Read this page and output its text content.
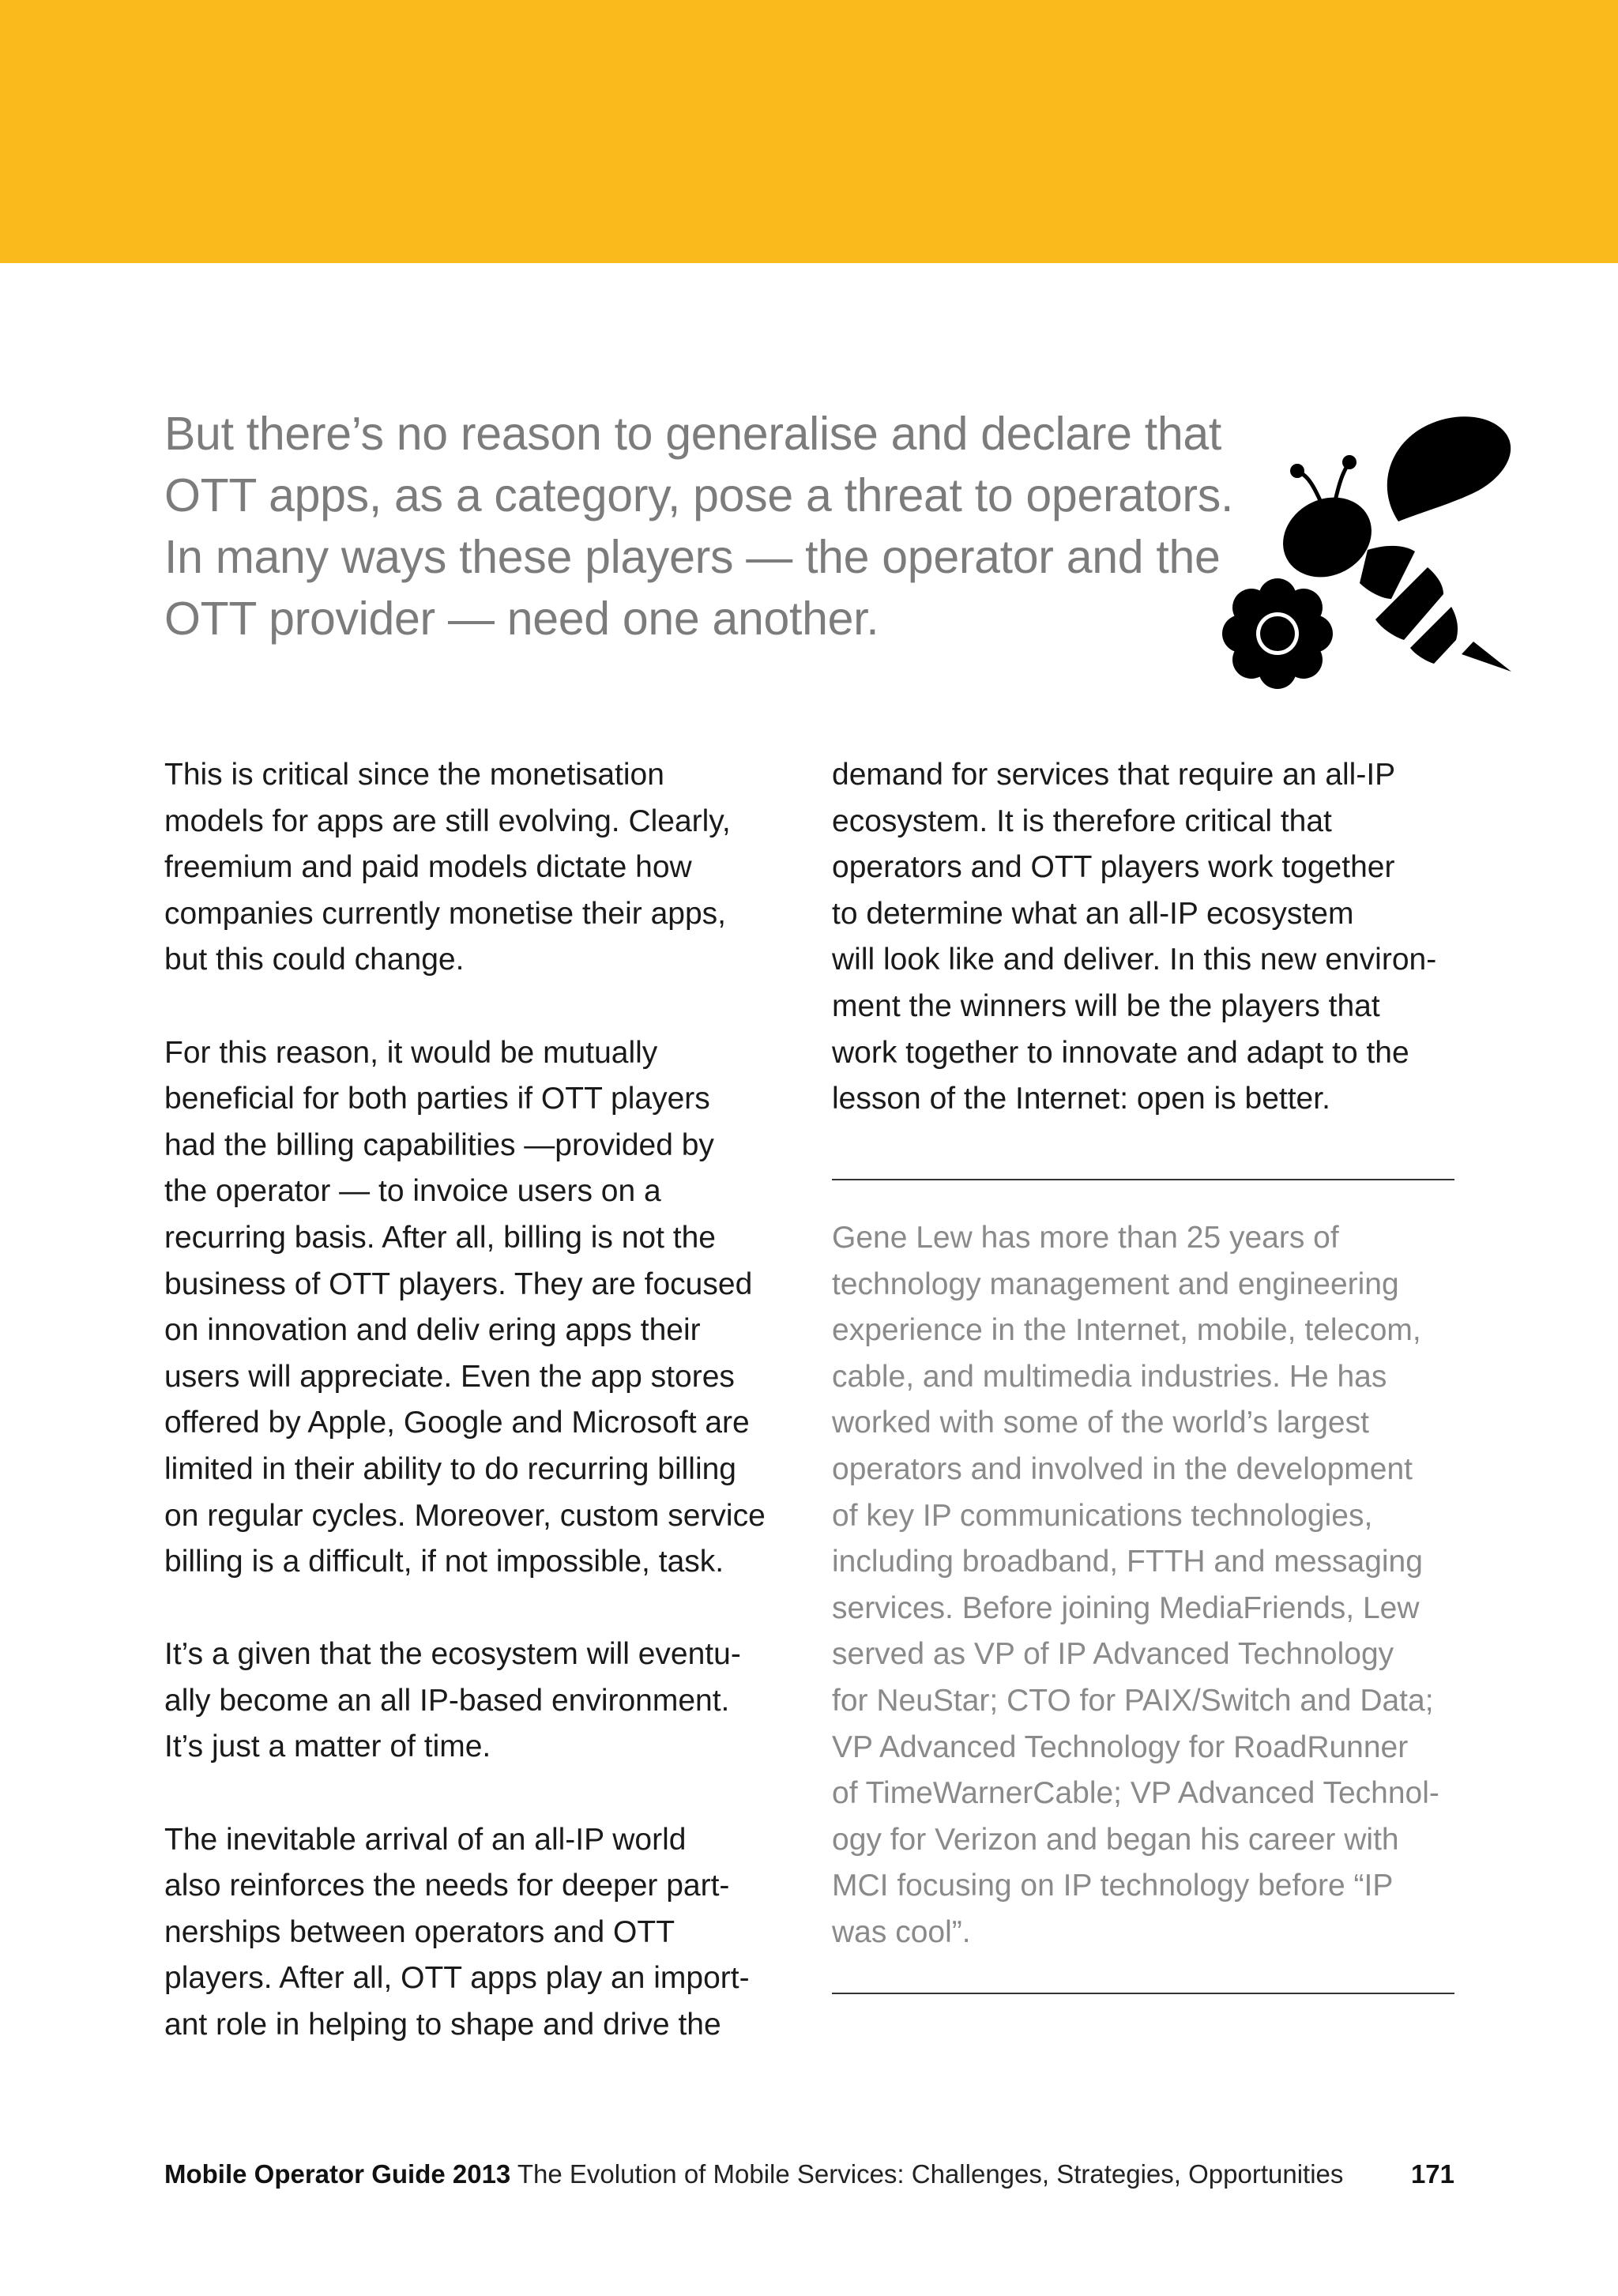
But there’s no reason to generalise and declare that
OTT apps, as a category, pose a threat to operators.
In many ways these players — the operator and the
OTT provider — need one another.
This is critical since the monetisation
models for apps are still evolving. Clearly,
freemium and paid models dictate how
companies currently monetise their apps,
but this could change.
For this reason, it would be mutually
beneficial for both parties if OTT players
had the billing capabilities —provided by
the operator — to invoice users on a
recurring basis. After all, billing is not the
business of OTT players. They are focused
on innovation and deliv ering apps their
users will appreciate. Even the app stores
offered by Apple, Google and Microsoft are
limited in their ability to do recurring billing
on regular cycles. Moreover, custom service
billing is a difficult, if not impossible, task.
It’s a given that the ecosystem will eventu-
ally become an all IP-based environment.
It’s just a matter of time.
The inevitable arrival of an all-IP world
also reinforces the needs for deeper part-
nerships between operators and OTT
players. After all, OTT apps play an import-
ant role in helping to shape and drive the
demand for services that require an all-IP
ecosystem. It is therefore critical that
operators and OTT players work together
to determine what an all-IP ecosystem
will look like and deliver. In this new environ-
ment the winners will be the players that
work together to innovate and adapt to the
lesson of the Internet: open is better.
Gene Lew has more than 25 years of
technology management and engineering
experience in the Internet, mobile, telecom,
cable, and multimedia industries. He has
worked with some of the world’s largest
operators and involved in the development
of key IP communications technologies,
including broadband, FTTH and messaging
services. Before joining MediaFriends, Lew
served as VP of IP Advanced Technology
for NeuStar; CTO for PAIX/Switch and Data;
VP Advanced Technology for RoadRunner
of TimeWarnerCable; VP Advanced Technol-
ogy for Verizon and began his career with
MCI focusing on IP technology before “IP
was cool”.
Mobile Operator Guide 2013 The Evolution of Mobile Services: Challenges, Strategies, Opportunities	171
